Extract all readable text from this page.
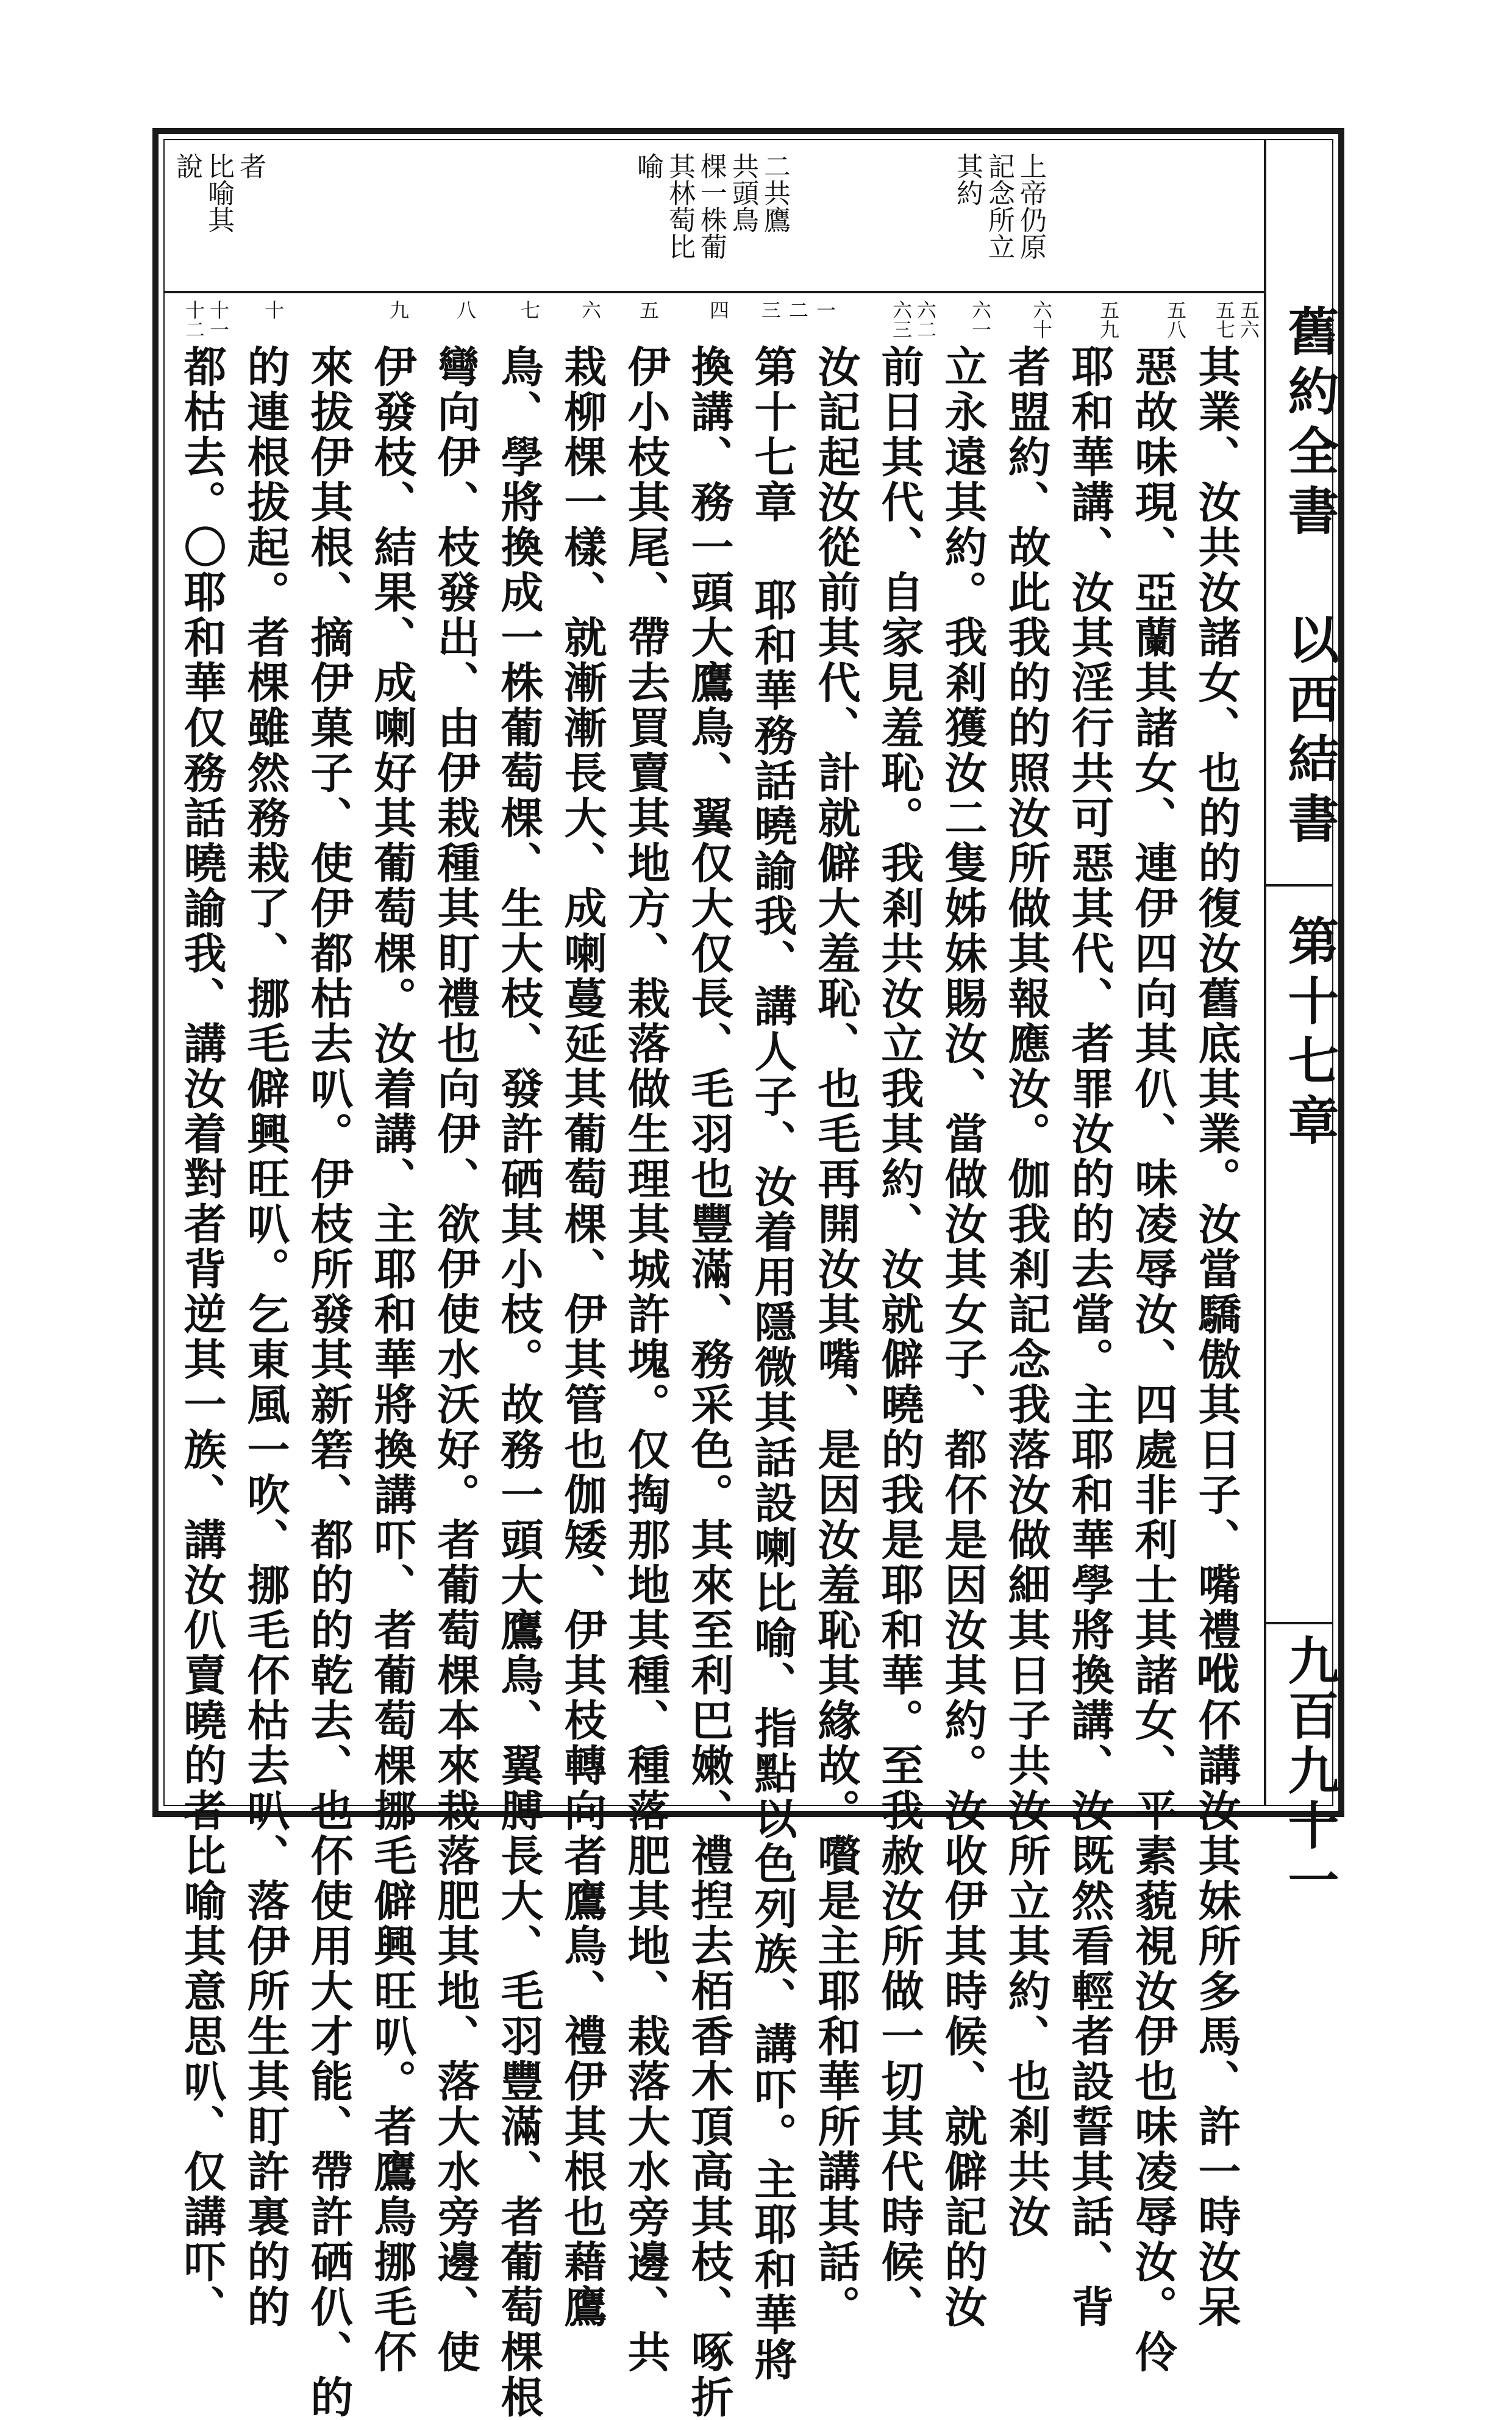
舊約全書 以西結書
第十七章
九百九十一
上帝仍原
記念所立
其約
二共鷹
共頭鳥
棵一株葡
其林萄比
喻
者
比喻其
說
五六
五七
五八
五九
六十
六一
六二
六三
一
二
三
四
五
六
七
八
九
十
十一
十二
其業、汝共汝諸女、也的的復汝舊底其業。汝當驕傲其日子、嘴禮𠲎伓講汝其妹所多馬、許一時汝呆
惡故味現、亞蘭其諸女、連伊四向其仈、味凌辱汝、四處非利士其諸女、平素藐視汝伊也味凌辱汝。伶
耶和華講、汝其淫行共可惡其代、者罪汝的的去當。主耶和華學將換講、汝既然看輕者設誓其話、背
者盟約、故此我的的照汝所做其報應汝。伽我剎記念我落汝做細其日子共汝所立其約、也剎共汝
立永遠其約。我剎獲汝二隻姊妹賜汝、當做汝其女子、都伓是因汝其約。汝收伊其時候、就僻記的汝
前日其代、自家見羞恥。我剎共汝立我其約、汝就僻曉的我是耶和華。至我赦汝所做一切其代時候、
汝記起汝從前其代、計就僻大羞恥、也毛再開汝其嘴、是因汝羞恥其緣故。嚽是主耶和華所講其話。
第十七章 耶和華務話曉諭我、講人子、汝着用隱微其話設喇比喻、指點以色列族、講吓。主耶和華將
換講、務一頭大鷹鳥、翼仅大仅長、毛羽也豐滿、務采色。其來至利巴嫩、禮揑去栢香木頂高其枝、啄折
伊小枝其尾、帶去買賣其地方、栽落做生理其城許塊。仅掏那地其種、種落肥其地、栽落大水旁邊、共
栽柳棵一樣、就漸漸長大、成喇蔓延其葡萄棵、伊其管也伽矮、伊其枝轉向者鷹鳥、禮伊其根也藉鷹
鳥、學將換成一株葡萄棵、生大枝、發許硒其小枝。故務一頭大鷹鳥、翼膊長大、毛羽豐滿、者葡萄棵根
彎向伊、枝發出、由伊栽種其盯禮也向伊、欲伊使水沃好。者葡萄棵本來栽落肥其地、落大水旁邊、使
伊發枝、結果、成喇好其葡萄棵。汝着講、主耶和華將換講吓、者葡萄棵挪毛僻興旺叭。者鷹鳥挪毛伓
來拔伊其根、摘伊菓子、使伊都枯去叭。伊枝所發其新箬、都的的乾去、也伓使用大才能、帶許硒仈、的
的連根拔起。者棵雖然務栽了、挪毛僻興旺叭。乞東風一吹、挪毛伓枯去叭、落伊所生其盯許裏的的
都枯去。〇耶和華仅務話曉諭我、講汝着對者背逆其一族、講汝仈賣曉的者比喻其意思叭、仅講吓、
